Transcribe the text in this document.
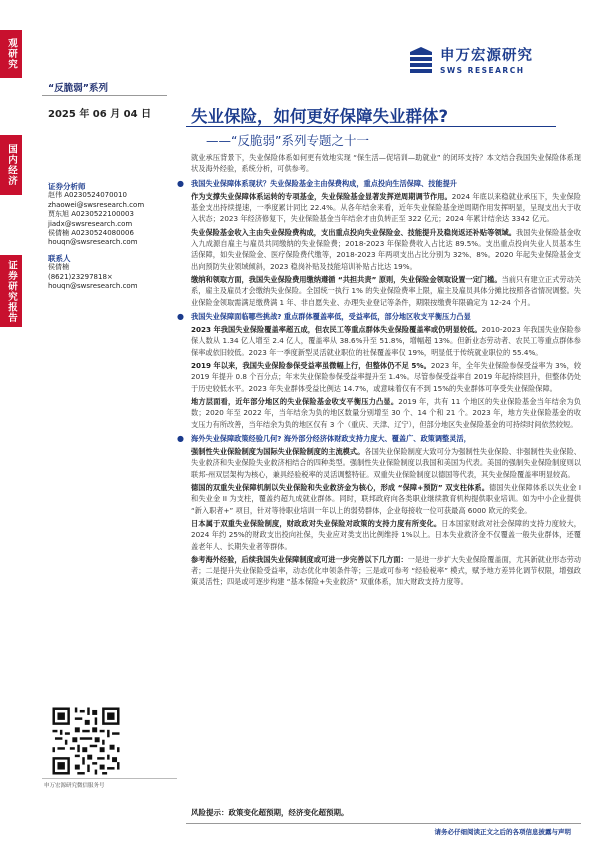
观研究
国内经济
证券研究报告
“反脆弱”系列
2025 年 06 月 04 日
申万宏源研究
SWS RESEARCH
失业保险，如何更好保障失业群体?
——“反脆弱”系列专题之十一
证券分析师
赵伟 A0230524070010
zhaowei@swsresearch.com
贾东旭 A0230522100003
jiadx@swsresearch.com
侯倩楠 A0230524080006
houqn@swsresearch.com
联系人
侯倩楠
(8621)23297818×
houqn@swsresearch.com
申万宏源研究微信服务号

就业承压背景下，失业保险体系如何更有效地实现 “保生活—促培训—助就业” 的闭环支持？本文结合我国失业保险体系现状及海外经验，系统分析，可供参考。

● 我国失业保障体系现状？失业保险基金主由保费构成，重点投向生活保障、技能提升

作为支撑失业保障体系运转的专项基金，失业保险基金显著发挥逆周期调节作用。2024 年底以来稳就业承压下，失业保险基金支出持续提速，一季度累计同比 22.4%。从各年结余来看，近年失业保险基金逆周期作用发挥明显，呈现支出大于收入状态；2023 年经济修复下，失业保险基金当年结余才由负转正至 322 亿元；2024 年累计结余达 3342 亿元。

失业保险基金收入主由失业保险费构成，支出重点投向失业保险金、技能提升及稳岗返还补贴等领域。我国失业保险基金收入九成源自雇主与雇员共同缴纳的失业保险费；2018-2023 年保险费收入占比达 89.5%。支出重点投向失业人员基本生活保障，如失业保险金、医疗保险费代缴等，2018-2023 年两项支出占比分别为 32%、8%。2020 年起失业保险基金支出向预防失业领域倾斜，2023 稳岗补贴及技能培训补贴占比达 19%。

缴纳和领取方面，我国失业保险费用缴纳遵循 “共担共责” 原则，失业保险金领取设置一定门槛。当前只有建立正式劳动关系，雇主及雇员才会缴纳失业保险。全国统一执行 1% 的失业保险费率上限，雇主及雇员具体分摊比按照各省情况调整。失业保险金领取需满足缴费满 1 年、非自愿失业、办理失业登记等条件，期限按缴费年限确定为 12-24 个月。

● 我国失业保障面临哪些挑战? 重点群体覆盖率低，受益率低，部分地区收支平衡压力凸显

2023 年我国失业保险覆盖率超五成，但农民工等重点群体失业保险覆盖率或仍明显较低。2010-2023 年我国失业保险参保人数从 1.34 亿人增至 2.4 亿人，覆盖率从 38.6%升至 51.8%，增幅超 13%。但新业态劳动者、农民工等重点群体参保率或依旧较低。2023 年一季度新型灵活就业职位的社保覆盖率仅 19%，明显低于传统就业职位的 55.4%。

2019 年以来，我国失业保险参保受益率虽微幅上行，但整体仍不足 5%。2023 年，全年失业保险参保受益率为 3%，较 2019 年提升 0.8 个百分点；年末失业保险参保受益率提升至 1.4%。尽管参保受益率自 2019 年起持续回升，但整体仍处于历史较低水平。2023 年失业群体受益比例达 14.7%，或意味着仅有不到 15%的失业群体可享受失业保险保障。

地方层面看，近年部分地区的失业保险基金收支平衡压力凸显。2019 年，共有 11 个地区的失业保险基金当年结余为负数；2020 年至 2022 年，当年结余为负的地区数量分别增至 30 个、14 个和 21 个。2023 年，地方失业保险基金的收支压力有所改善，当年结余为负的地区仅有 3 个（重庆、天津、辽宁），但部分地区失业保险基金的可持续时间依然较短。

● 海外失业保障政策经验几何? 海外部分经济体财政支持力度大、覆盖广、政策调整灵活，

强制性失业保险制度为国际失业保险制度的主流模式。各国失业保险制度大致可分为强制性失业保险、非强制性失业保险、失业救济和失业保险失业救济相结合的四种类型。强制性失业保险制度以我国和美国为代表。美国的强制失业保险制度则以联邦-州双层架构为核心，兼具经验税率的灵活调整特征。双重失业保险制度以德国等代表，其失业保险覆盖率明显较高。

德国的双重失业保障机制以失业保险和失业救济金为核心，形成 “保障+预防” 双支柱体系。德国失业保障体系以失业金 I 和失业金 II 为支柱，覆盖约超九成就业群体。同时，联邦政府向各类职业继续教育机构提供职业培训。如为中小企业提供 “新入职者+” 项目，针对等待职业培训一年以上的弱势群体，企业每接收一位可获最高 6000 欧元的奖金。

日本属于双重失业保险制度，财政政对失业保险对政策的支持力度有所变化。日本国家财政对社会保障的支持力度较大，2024 年约 25%的财政支出投向社保，失业应对类支出比例维持 1%以上。日本失业救济金不仅覆盖一般失业群体，还覆盖老年人、长期失业者等群体。

参考海外经验，后续我国失业保障制度或可进一步完善以下几方面：一是进一步扩大失业保险覆盖面，尤其新就业形态劳动者；二是提升失业保险受益率，动态优化申领条件等；三是或可参考 “经验税率” 模式，赋予地方差异化调节权限，增强政策灵活性；四是或可逐步构建 “基本保险+失业救济” 双重体系，加大财政支持力度等。

风险提示：政策变化超预期，经济变化超预期。
请务必仔细阅读正文之后的各项信息披露与声明
